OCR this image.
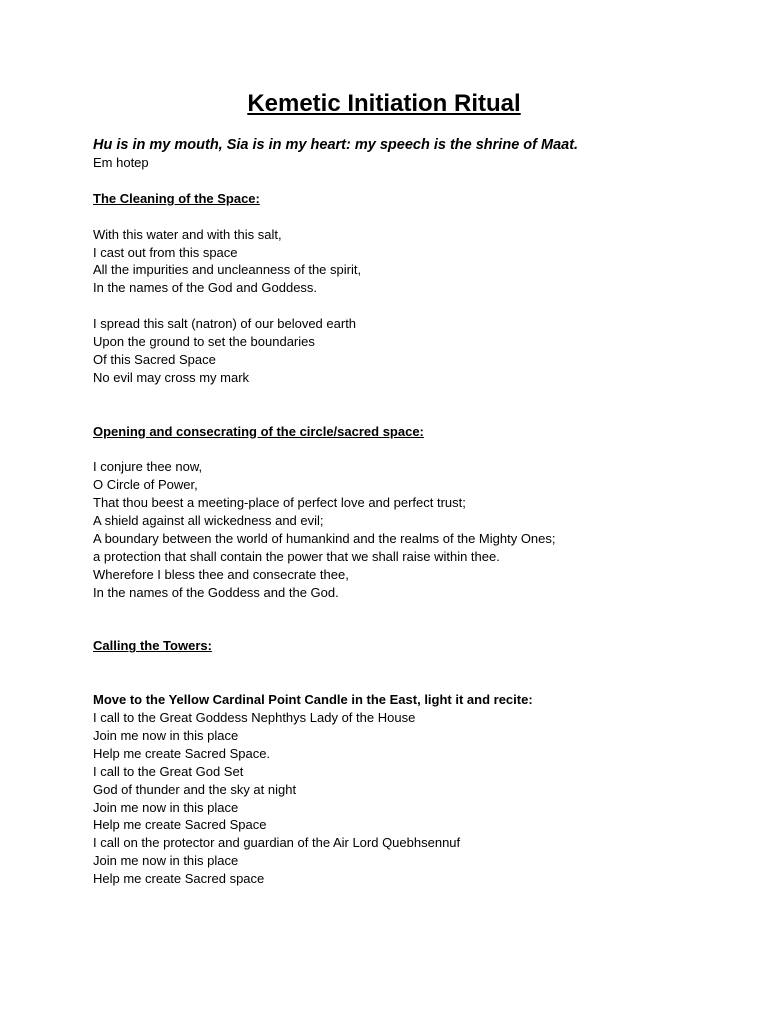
Kemetic Initiation Ritual

Hu is in my mouth, Sia is in my heart: my speech is the shrine of Maat.

Em hotep
The Cleaning of the Space:
With this water and with this salt,
I cast out from this space
All the impurities and uncleanness of the spirit,
In the names of the God and Goddess.
I spread this salt (natron) of our beloved earth
Upon the ground to set the boundaries
Of this Sacred Space
No evil may cross my mark
Opening and consecrating of the circle/sacred space:
I conjure thee now,
O Circle of Power,
That thou beest a meeting-place of perfect love and perfect trust;
A shield against all wickedness and evil;
A boundary between the world of humankind and the realms of the Mighty Ones;
a protection that shall contain the power that we shall raise within thee.
Wherefore I bless thee and consecrate thee,
In the names of the Goddess and the God.
Calling the Towers:
Move to the Yellow Cardinal Point Candle in the East, light it and recite:
I call to the Great Goddess Nephthys Lady of the House
Join me now in this place
Help me create Sacred Space.
I call to the Great God Set
God of thunder and the sky at night
Join me now in this place
Help me create Sacred Space
I call on the protector and guardian of the Air Lord Quebhsennuf
Join me now in this place
Help me create Sacred space
